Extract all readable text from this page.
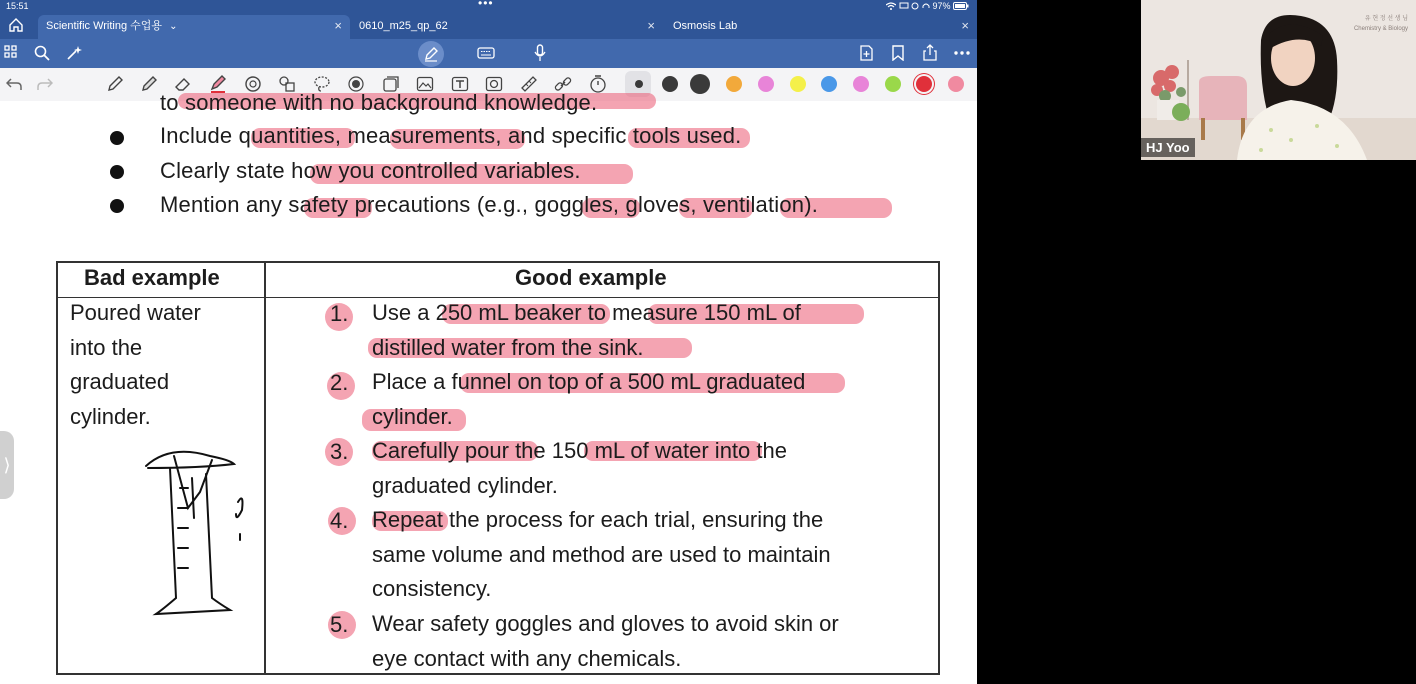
15:51	•••	97%
Scientific Writing 수업용 ⌄	×	0610_m25_qp_62	×	Osmosis Lab	×
to someone with no background knowledge.
Include quantities, measurements, and specific tools used.
Clearly state how you controlled variables.
Mention any safety precautions (e.g., goggles, gloves, ventilation).
Bad example	Good example
Poured water
into the
graduated
cylinder.
1. Use a 250 mL beaker to measure 150 mL of
distilled water from the sink.
2. Place a funnel on top of a 500 mL graduated
cylinder.
3. Carefully pour the 150 mL of water into the
graduated cylinder.
4. Repeat the process for each trial, ensuring the
same volume and method are used to maintain
consistency.
5. Wear safety goggles and gloves to avoid skin or
eye contact with any chemicals.
⟩
유 현 정 선 생 님
Chemistry & Biology
HJ Yoo
